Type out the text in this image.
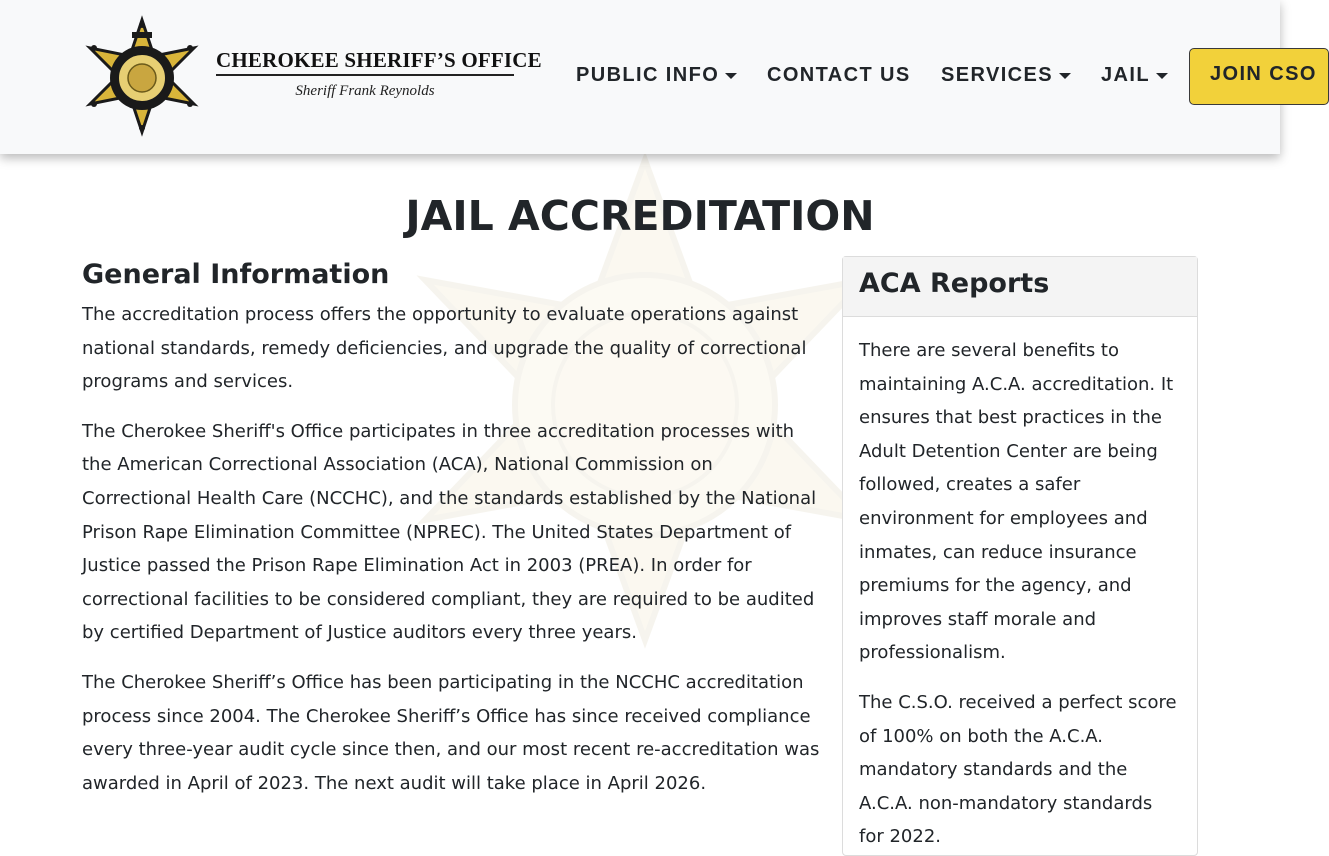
CHEROKEE SHERIFF’S OFFICE
Sheriff Frank Reynolds
PUBLIC INFO CONTACT US SERVICES JAIL	JOIN CSO
JAIL ACCREDITATION
General Information

The accreditation process offers the opportunity to evaluate operations against national standards, remedy deficiencies, and upgrade the quality of correctional programs and services.

The Cherokee Sheriff's Office participates in three accreditation processes with the American Correctional Association (ACA), National Commission on Correctional Health Care (NCCHC), and the standards established by the National Prison Rape Elimination Committee (NPREC). The United States Department of Justice passed the Prison Rape Elimination Act in 2003 (PREA). In order for correctional facilities to be considered compliant, they are required to be audited by certified Department of Justice auditors every three years.

The Cherokee Sheriff’s Office has been participating in the NCCHC accreditation process since 2004. The Cherokee Sheriff’s Office has since received compliance every three-year audit cycle since then, and our most recent re-accreditation was awarded in April of 2023. The next audit will take place in April 2026.

ACA Reports

There are several benefits to maintaining A.C.A. accreditation. It ensures that best practices in the Adult Detention Center are being followed, creates a safer environment for employees and inmates, can reduce insurance premiums for the agency, and improves staff morale and professionalism.

The C.S.O. received a perfect score of 100% on both the A.C.A. mandatory standards and the A.C.A. non-mandatory standards for 2022.
